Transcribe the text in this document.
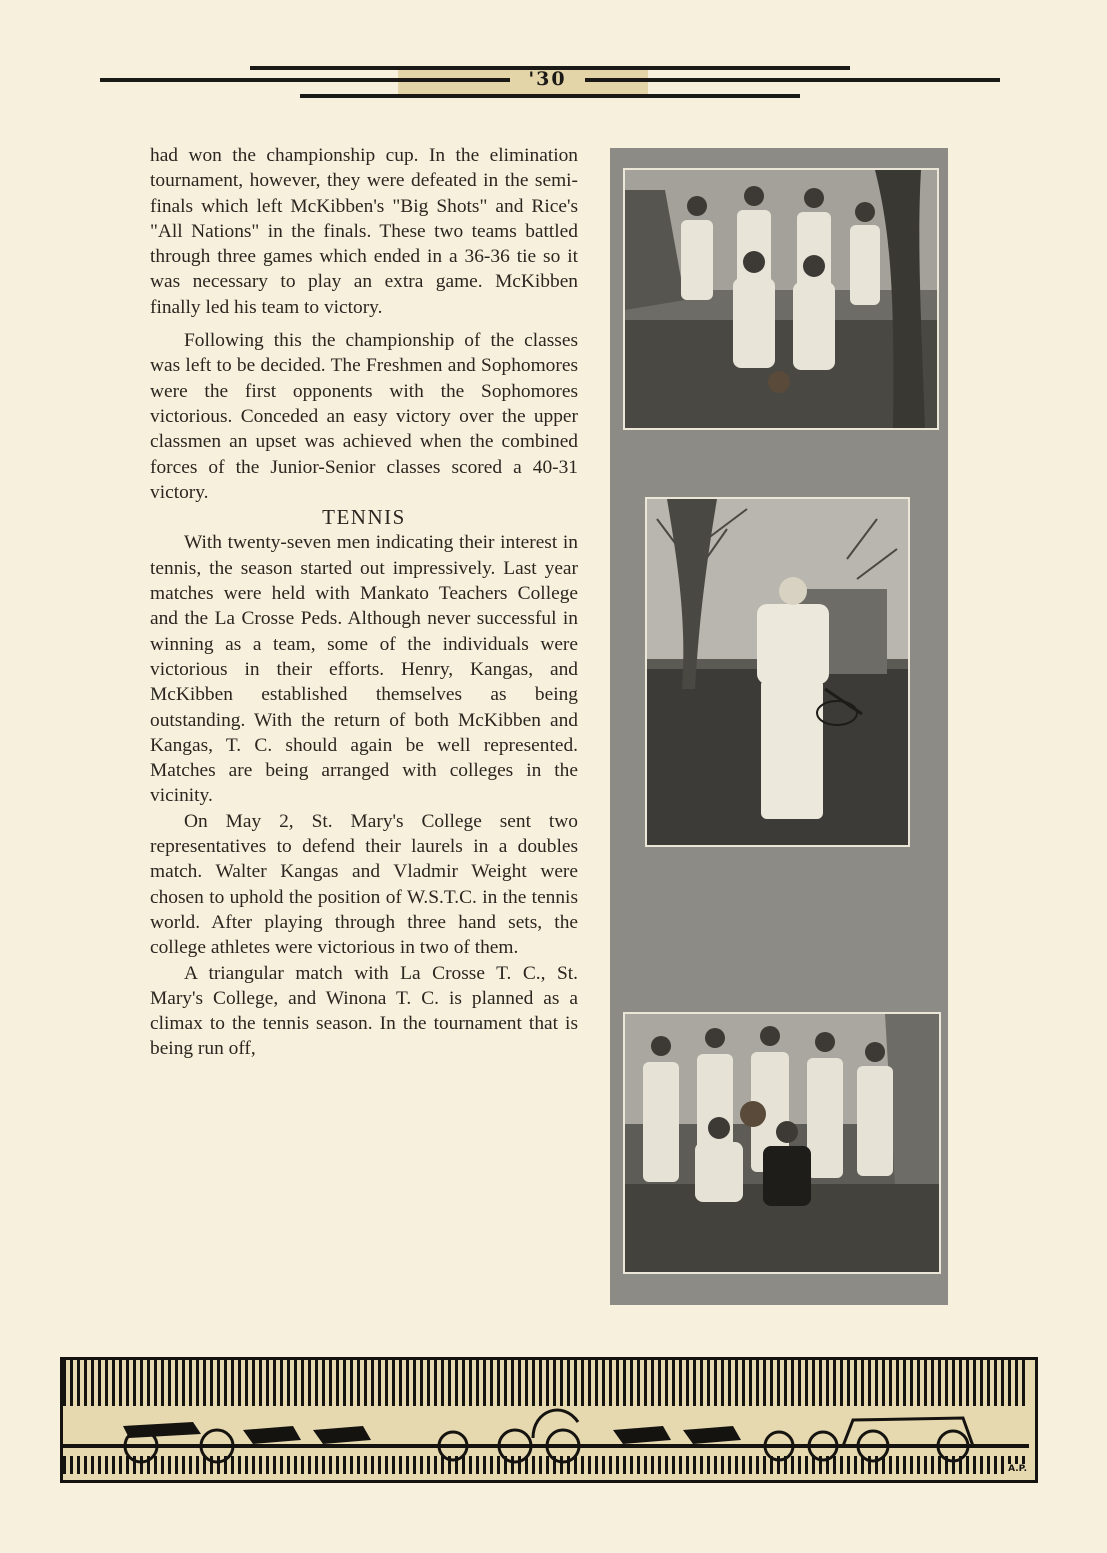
'30

had won the championship cup. In the elimination tournament, however, they were defeated in the semi-finals which left McKibben's "Big Shots" and Rice's "All Nations" in the finals. These two teams battled through three games which ended in a 36-36 tie so it was necessary to play an extra game. McKibben finally led his team to victory.

Following this the championship of the classes was left to be decided. The Freshmen and Sophomores were the first opponents with the Sophomores victorious. Conceded an easy victory over the upper classmen an upset was achieved when the combined forces of the Junior-Senior classes scored a 40-31 victory.

TENNIS

With twenty-seven men indicating their interest in tennis, the season started out impressively. Last year matches were held with Mankato Teachers College and the La Crosse Peds. Although never successful in winning as a team, some of the individuals were victorious in their efforts. Henry, Kangas, and McKibben established themselves as being outstanding. With the return of both McKibben and Kangas, T. C. should again be well represented. Matches are being arranged with colleges in the vicinity.

On May 2, St. Mary's College sent two representatives to defend their laurels in a doubles match. Walter Kangas and Vladmir Weight were chosen to uphold the position of W.S.T.C. in the tennis world. After playing through three hand sets, the college athletes were victorious in two of them.

A triangular match with La Crosse T. C., St. Mary's College, and Winona T. C. is planned as a climax to the tennis season. In the tournament that is being run off,

A.P.
